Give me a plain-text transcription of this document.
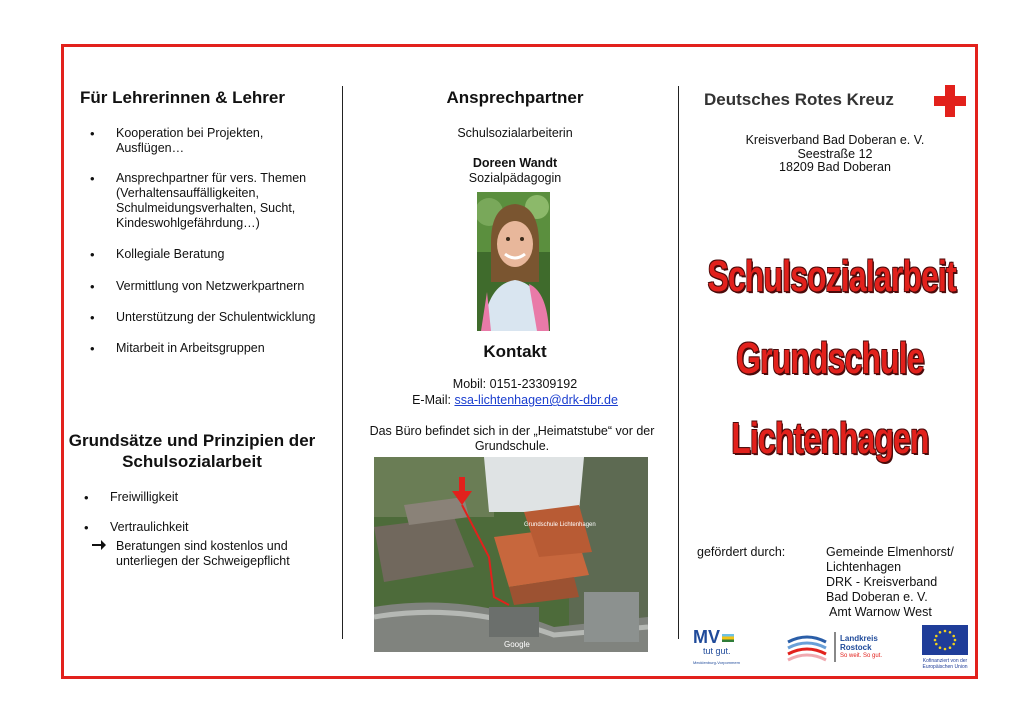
Für Lehrerinnen & Lehrer
• Kooperation bei Projekten, Ausflügen…
• Ansprechpartner für vers. Themen (Verhaltensauffälligkeiten, Schulmeidungsverhalten, Sucht, Kindeswohlgefährdung…)
• Kollegiale Beratung
• Vermittlung von Netzwerkpartnern
• Unterstützung der Schulentwicklung
• Mitarbeit in Arbeitsgruppen
Grundsätze und Prinzipien der Schulsozialarbeit
• Freiwilligkeit
• Vertraulichkeit
Beratungen sind kostenlos und unterliegen der Schweigepflicht
Ansprechpartner
Schulsozialarbeiterin
Doreen Wandt
Sozialpädagogin
Kontakt
Mobil: 0151-23309192
E-Mail: ssa-lichtenhagen@drk-dbr.de
Das Büro befindet sich in der „Heimatstube“ vor der Grundschule.
Grundschule Lichtenhagen
Google
Deutsches Rotes Kreuz
Kreisverband Bad Doberan e. V.
Seestraße 12
18209 Bad Doberan
Schulsozialarbeit
Grundschule
Lichtenhagen
gefördert durch:	Gemeinde Elmenhorst/
Lichtenhagen
DRK - Kreisverband
Bad Doberan e. V.
Amt Warnow West
MV
tut gut.
Mecklenburg-Vorpommern
Landkreis
Rostock
So weit. So gut.
Kofinanziert von der Europäischen Union
